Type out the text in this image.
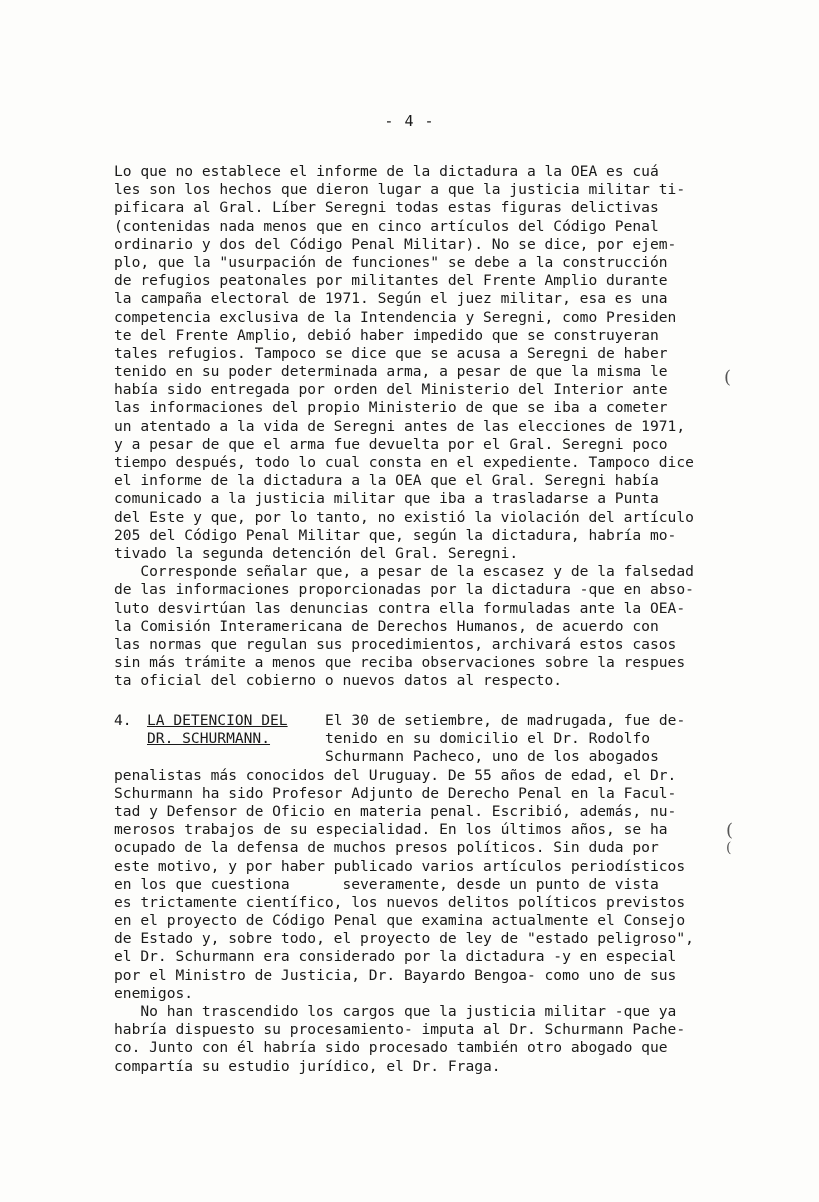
- 4 -
Lo que no establece el informe de la dictadura a la OEA es cuá
les son los hechos que dieron lugar a que la justicia militar ti-
pificara al Gral. Líber Seregni todas estas figuras delictivas
(contenidas nada menos que en cinco artículos del Código Penal
ordinario y dos del Código Penal Militar). No se dice, por ejem-
plo, que la "usurpación de funciones" se debe a la construcción
de refugios peatonales por militantes del Frente Amplio durante
la campaña electoral de 1971. Según el juez militar, esa es una
competencia exclusiva de la Intendencia y Seregni, como Presiden
te del Frente Amplio, debió haber impedido que se construyeran
tales refugios. Tampoco se dice que se acusa a Seregni de haber
tenido en su poder determinada arma, a pesar de que la misma le
había sido entregada por orden del Ministerio del Interior ante
las informaciones del propio Ministerio de que se iba a cometer
un atentado a la vida de Seregni antes de las elecciones de 1971,
y a pesar de que el arma fue devuelta por el Gral. Seregni poco
tiempo después, todo lo cual consta en el expediente. Tampoco dice
el informe de la dictadura a la OEA que el Gral. Seregni había
comunicado a la justicia militar que iba a trasladarse a Punta
del Este y que, por lo tanto, no existió la violación del artículo
205 del Código Penal Militar que, según la dictadura, habría mo-
tivado la segunda detención del Gral. Seregni.
Corresponde señalar que, a pesar de la escasez y de la falsedad
de las informaciones proporcionadas por la dictadura -que en abso-
luto desvirtúan las denuncias contra ella formuladas ante la OEA-
la Comisión Interamericana de Derechos Humanos, de acuerdo con
las normas que regulan sus procedimientos, archivará estos casos
sin más trámite a menos que reciba observaciones sobre la respues
ta oficial del cobierno o nuevos datos al respecto.
4. LA DETENCION DEL
DR. SCHURMANN.
El 30 de setiembre, de madrugada, fue de-
tenido en su domicilio el Dr. Rodolfo
Schurmann Pacheco, uno de los abogados
penalistas más conocidos del Uruguay. De 55 años de edad, el Dr.
Schurmann ha sido Profesor Adjunto de Derecho Penal en la Facul-
tad y Defensor de Oficio en materia penal. Escribió, además, nu-
merosos trabajos de su especialidad. En los últimos años, se ha
ocupado de la defensa de muchos presos políticos. Sin duda por
este motivo, y por haber publicado varios artículos periodísticos
en los que cuestiona      severamente, desde un punto de vista
es trictamente científico, los nuevos delitos políticos previstos
en el proyecto de Código Penal que examina actualmente el Consejo
de Estado y, sobre todo, el proyecto de ley de "estado peligroso",
el Dr. Schurmann era considerado por la dictadura -y en especial
por el Ministro de Justicia, Dr. Bayardo Bengoa- como uno de sus
enemigos.
No han trascendido los cargos que la justicia militar -que ya
habría dispuesto su procesamiento- imputa al Dr. Schurmann Pache-
co. Junto con él habría sido procesado también otro abogado que
compartía su estudio jurídico, el Dr. Fraga.
(
(
(
